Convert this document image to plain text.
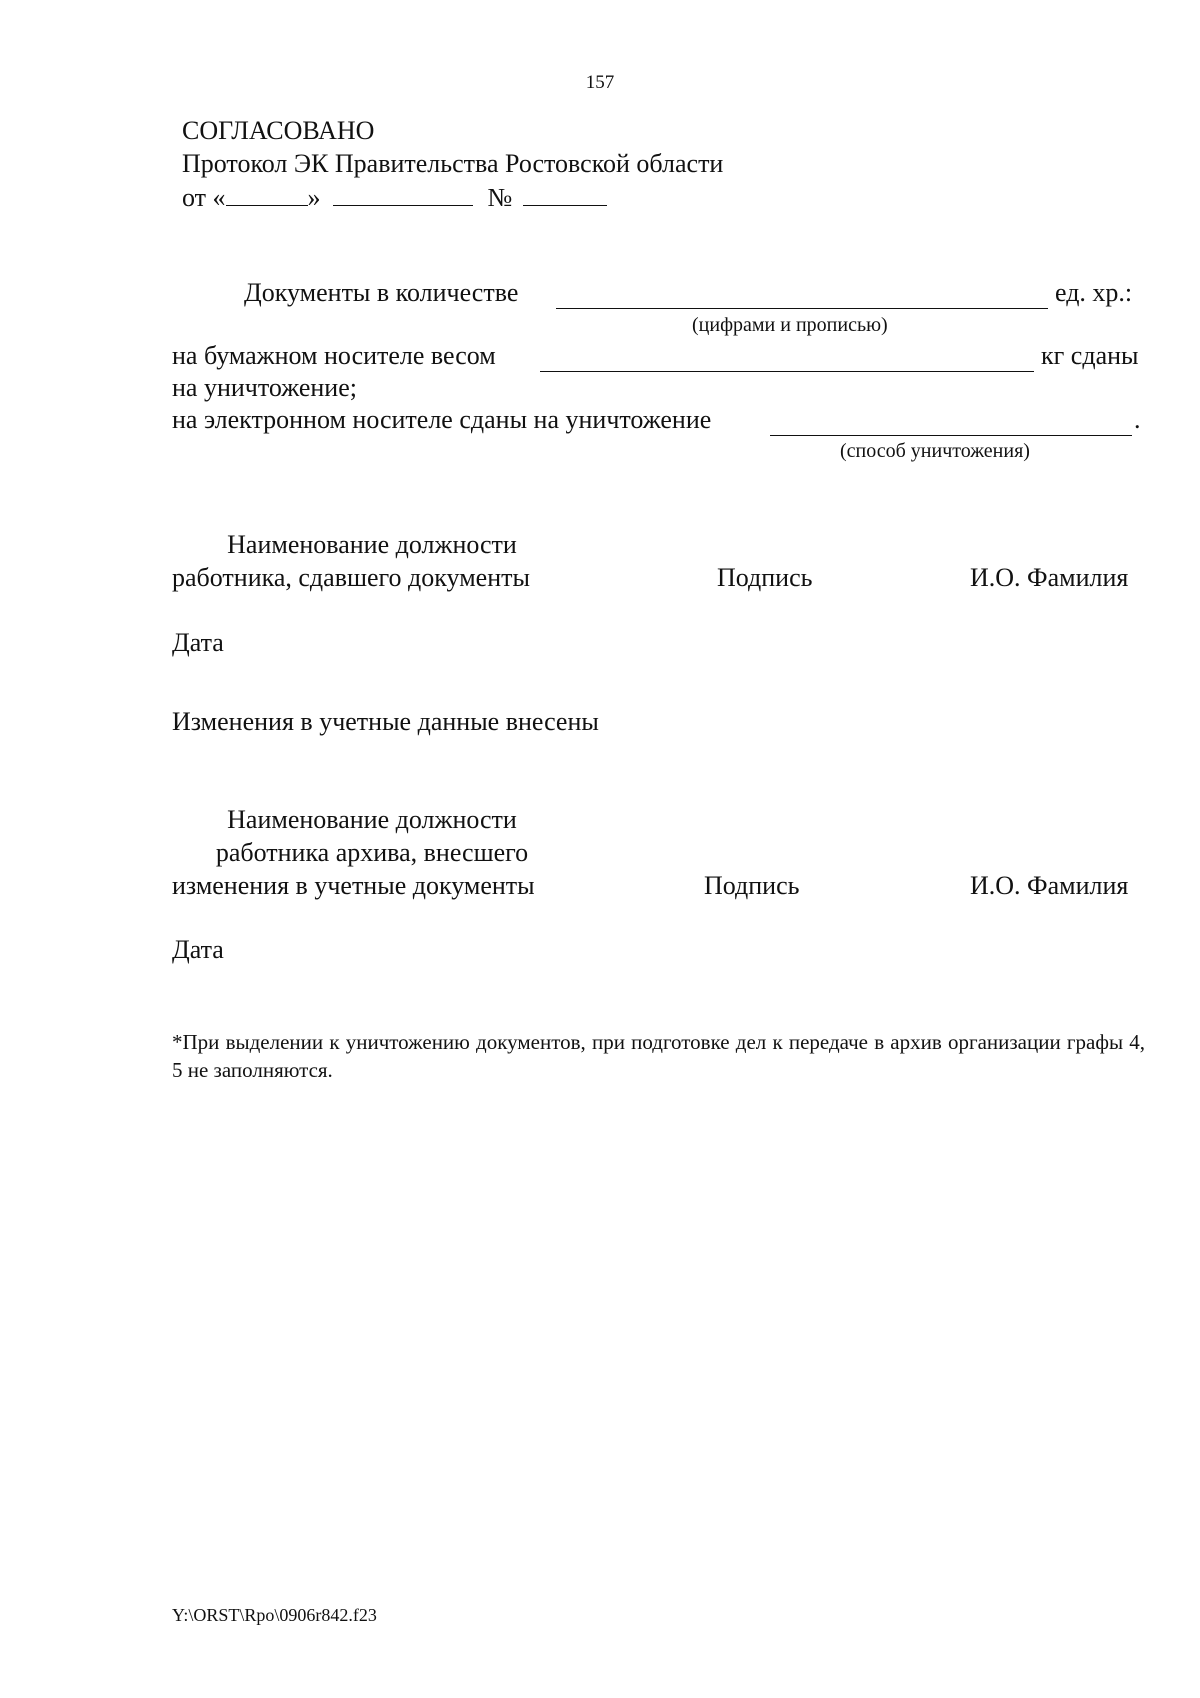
157
СОГЛАСОВАНО
Протокол ЭК Правительства Ростовской области
от «	»	№
Документы в количестве	ед. хр.:
(цифрами и прописью)
на бумажном носителе весом	кг сданы
на уничтожение;
на электронном носителе сданы на уничтожение	.
(способ уничтожения)
Наименование должности
работника, сдавшего документы	Подпись	И.О. Фамилия
Дата
Изменения в учетные данные внесены
Наименование должности
работника архива, внесшего
изменения в учетные документы	Подпись	И.О. Фамилия
Дата
*При выделении к уничтожению документов, при подготовке дел к передаче в архив организации графы 4, 5 не заполняются.
Y:\ORST\Rpo\0906r842.f23
